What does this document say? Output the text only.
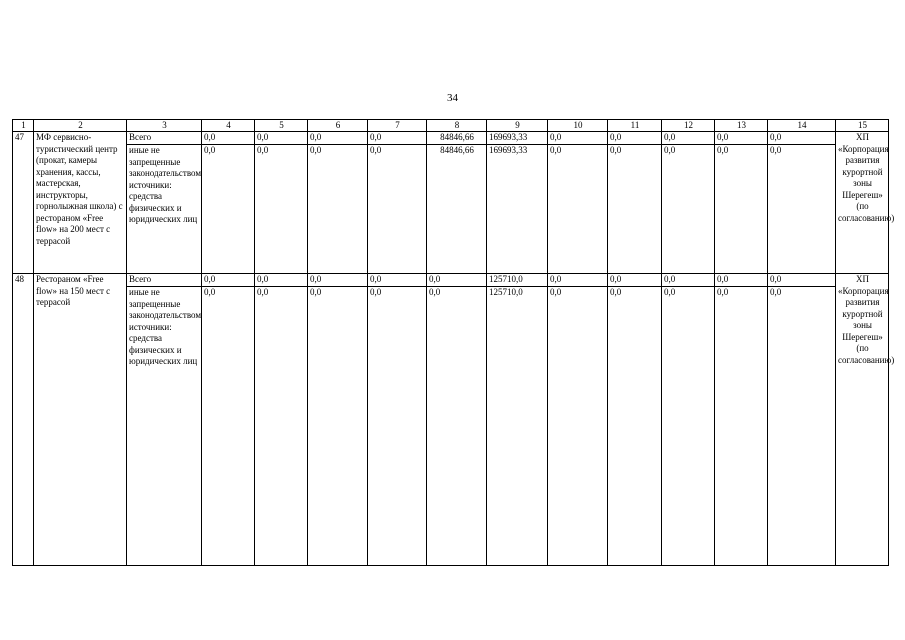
34
1	2	3	4	5	6	7	8	9	10	11	12	13	14	15
47	МФ сервисно-туристический центр (прокат, камеры хранения, кассы, мастерская, инструкторы, горнолыжная школа) с рестораном «Free flow» на 200 мест с террасой	Всего	0,0	0,0	0,0	0,0	84846,66	169693,33	0,0	0,0	0,0	0,0	0,0	ХП
«Корпорация развития курортной зоны Шерегеш» (по согласованию)

		иные не запрещенные законодательством источники: средства физических и юридических лиц	0,0	0,0	0,0	0,0	84846,66	169693,33	0,0	0,0	0,0	0,0	0,0	
48	Рестораном «Free flow» на 150 мест с террасой	Всего	0,0	0,0	0,0	0,0	0,0	125710,0	0,0	0,0	0,0	0,0	0,0	ХП
«Корпорация развития курортной зоны Шерегеш» (по согласованию)

		иные не запрещенные законодательством источники: средства физических и юридических лиц	0,0	0,0	0,0	0,0	0,0	125710,0	0,0	0,0	0,0	0,0	0,0	
